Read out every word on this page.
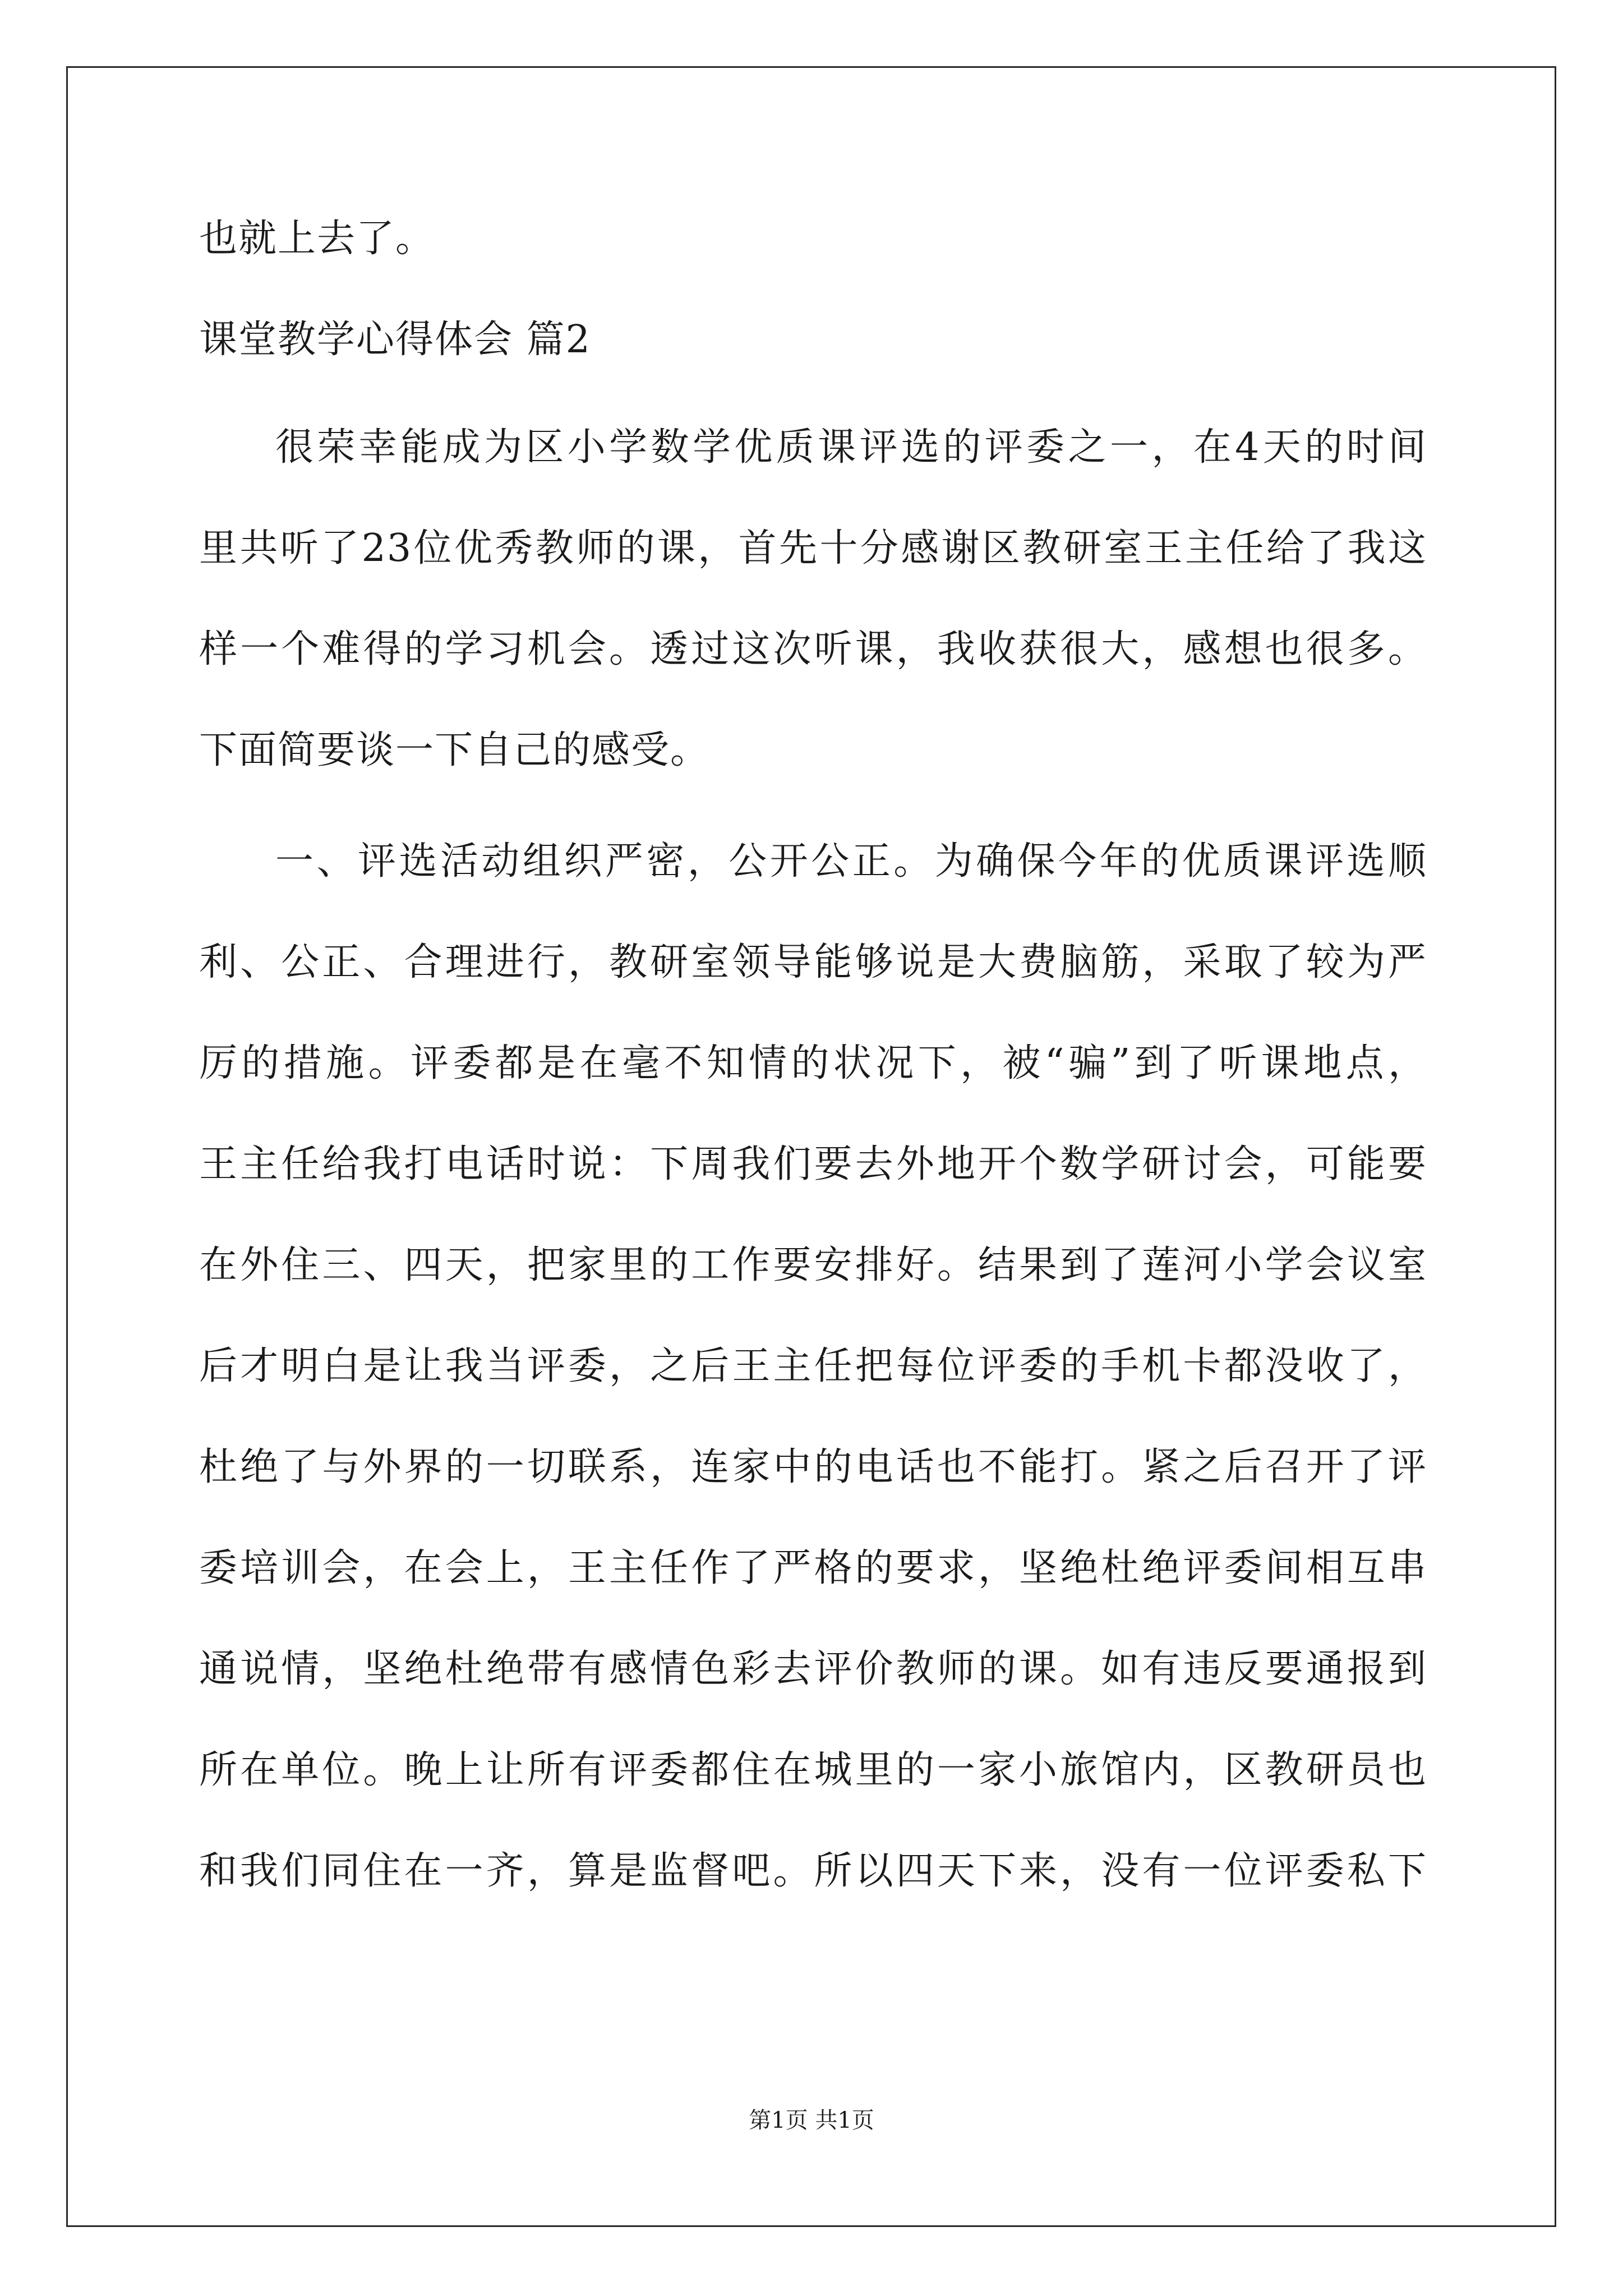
也就上去了。
课堂教学心得体会 篇2
很荣幸能成为区小学数学优质课评选的评委之一，在4天的时间
里共听了23位优秀教师的课，首先十分感谢区教研室王主任给了我这
样一个难得的学习机会。透过这次听课，我收获很大，感想也很多。
下面简要谈一下自己的感受。
一、评选活动组织严密，公开公正。为确保今年的优质课评选顺
利、公正、合理进行，教研室领导能够说是大费脑筋，采取了较为严
厉的措施。评委都是在毫不知情的状况下，被“骗”到了听课地点，
王主任给我打电话时说：下周我们要去外地开个数学研讨会，可能要
在外住三、四天，把家里的工作要安排好。结果到了莲河小学会议室
后才明白是让我当评委，之后王主任把每位评委的手机卡都没收了，
杜绝了与外界的一切联系，连家中的电话也不能打。紧之后召开了评
委培训会，在会上，王主任作了严格的要求，坚绝杜绝评委间相互串
通说情，坚绝杜绝带有感情色彩去评价教师的课。如有违反要通报到
所在单位。晚上让所有评委都住在城里的一家小旅馆内，区教研员也
和我们同住在一齐，算是监督吧。所以四天下来，没有一位评委私下
第1页 共1页
